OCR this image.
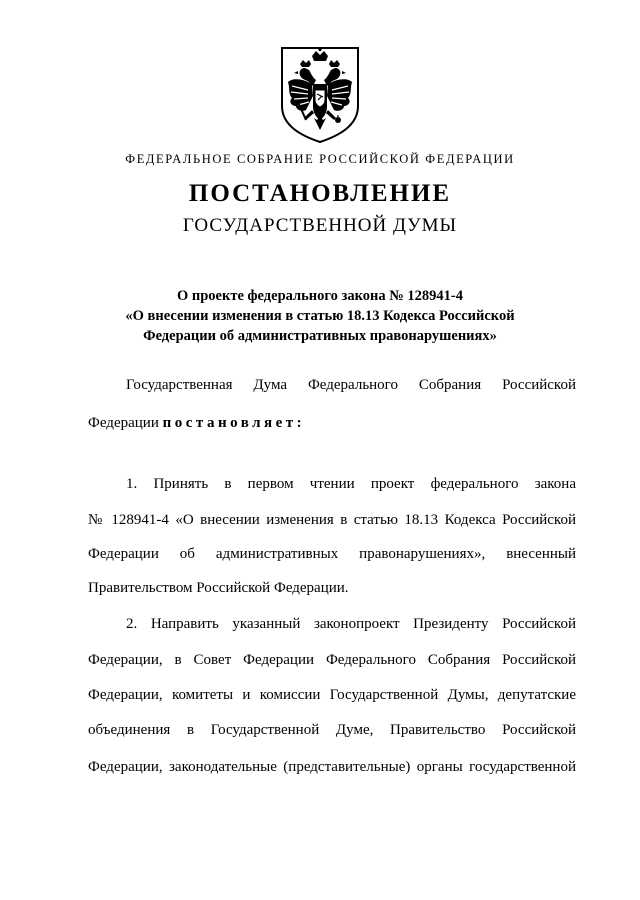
ФЕДЕРАЛЬНОЕ СОБРАНИЕ РОССИЙСКОЙ ФЕДЕРАЦИИ
ПОСТАНОВЛЕНИЕ
ГОСУДАРСТВЕННОЙ ДУМЫ
О проекте федерального закона № 128941-4
«О внесении изменения в статью 18.13 Кодекса Российской
Федерации об административных правонарушениях»
Государственная Дума Федерального Собрания Российской
Федерации постановляет:
1. Принять в первом чтении проект федерального закона
№ 128941-4 «О внесении изменения в статью 18.13 Кодекса Российской
Федерации об административных правонарушениях», внесенный
Правительством Российской Федерации.
2. Направить указанный законопроект Президенту Российской
Федерации, в Совет Федерации Федерального Собрания Российской
Федерации, комитеты и комиссии Государственной Думы, депутатские
объединения в Государственной Думе, Правительство Российской
Федерации, законодательные (представительные) органы государственной
